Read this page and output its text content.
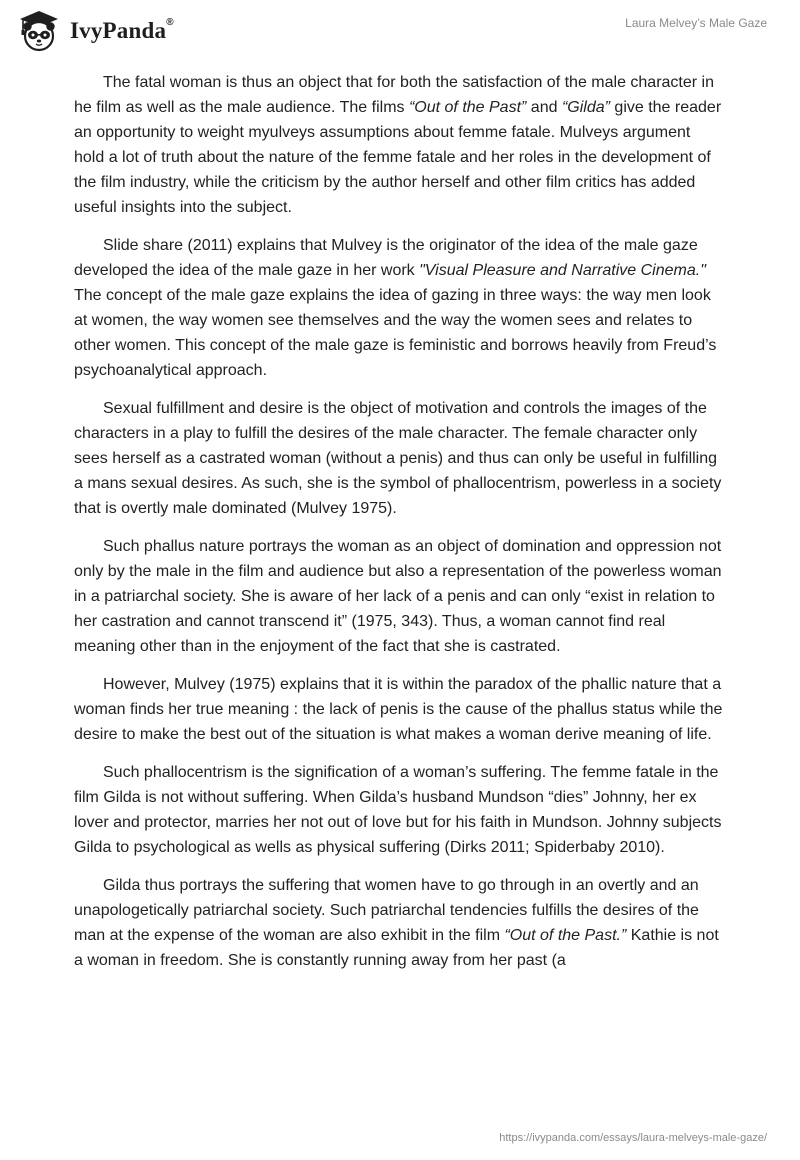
IvyPanda®	Laura Melvey’s Male Gaze

The fatal woman is thus an object that for both the satisfaction of the male character in he film as well as the male audience. The films “Out of the Past” and “Gilda” give the reader an opportunity to weight myulveys assumptions about femme fatale. Mulveys argument hold a lot of truth about the nature of the femme fatale and her roles in the development of the film industry, while the criticism by the author herself and other film critics has added useful insights into the subject.

Slide share (2011) explains that Mulvey is the originator of the idea of the male gaze developed the idea of the male gaze in her work "Visual Pleasure and Narrative Cinema." The concept of the male gaze explains the idea of gazing in three ways: the way men look at women, the way women see themselves and the way the women sees and relates to other women. This concept of the male gaze is feministic and borrows heavily from Freud’s psychoanalytical approach.

Sexual fulfillment and desire is the object of motivation and controls the images of the characters in a play to fulfill the desires of the male character. The female character only sees herself as a castrated woman (without a penis) and thus can only be useful in fulfilling a mans sexual desires. As such, she is the symbol of phallocentrism, powerless in a society that is overtly male dominated (Mulvey 1975).

Such phallus nature portrays the woman as an object of domination and oppression not only by the male in the film and audience but also a representation of the powerless woman in a patriarchal society. She is aware of her lack of a penis and can only “exist in relation to her castration and cannot transcend it” (1975, 343). Thus, a woman cannot find real meaning other than in the enjoyment of the fact that she is castrated.

However, Mulvey (1975) explains that it is within the paradox of the phallic nature that a woman finds her true meaning : the lack of penis is the cause of the phallus status while the desire to make the best out of the situation is what makes a woman derive meaning of life.

Such phallocentrism is the signification of a woman’s suffering. The femme fatale in the film Gilda is not without suffering. When Gilda’s husband Mundson “dies” Johnny, her ex lover and protector, marries her not out of love but for his faith in Mundson. Johnny subjects Gilda to psychological as wells as physical suffering (Dirks 2011; Spiderbaby 2010).

Gilda thus portrays the suffering that women have to go through in an overtly and an unapologetically patriarchal society. Such patriarchal tendencies fulfills the desires of the man at the expense of the woman are also exhibit in the film “Out of the Past.” Kathie is not a woman in freedom. She is constantly running away from her past (a

https://ivypanda.com/essays/laura-melveys-male-gaze/
